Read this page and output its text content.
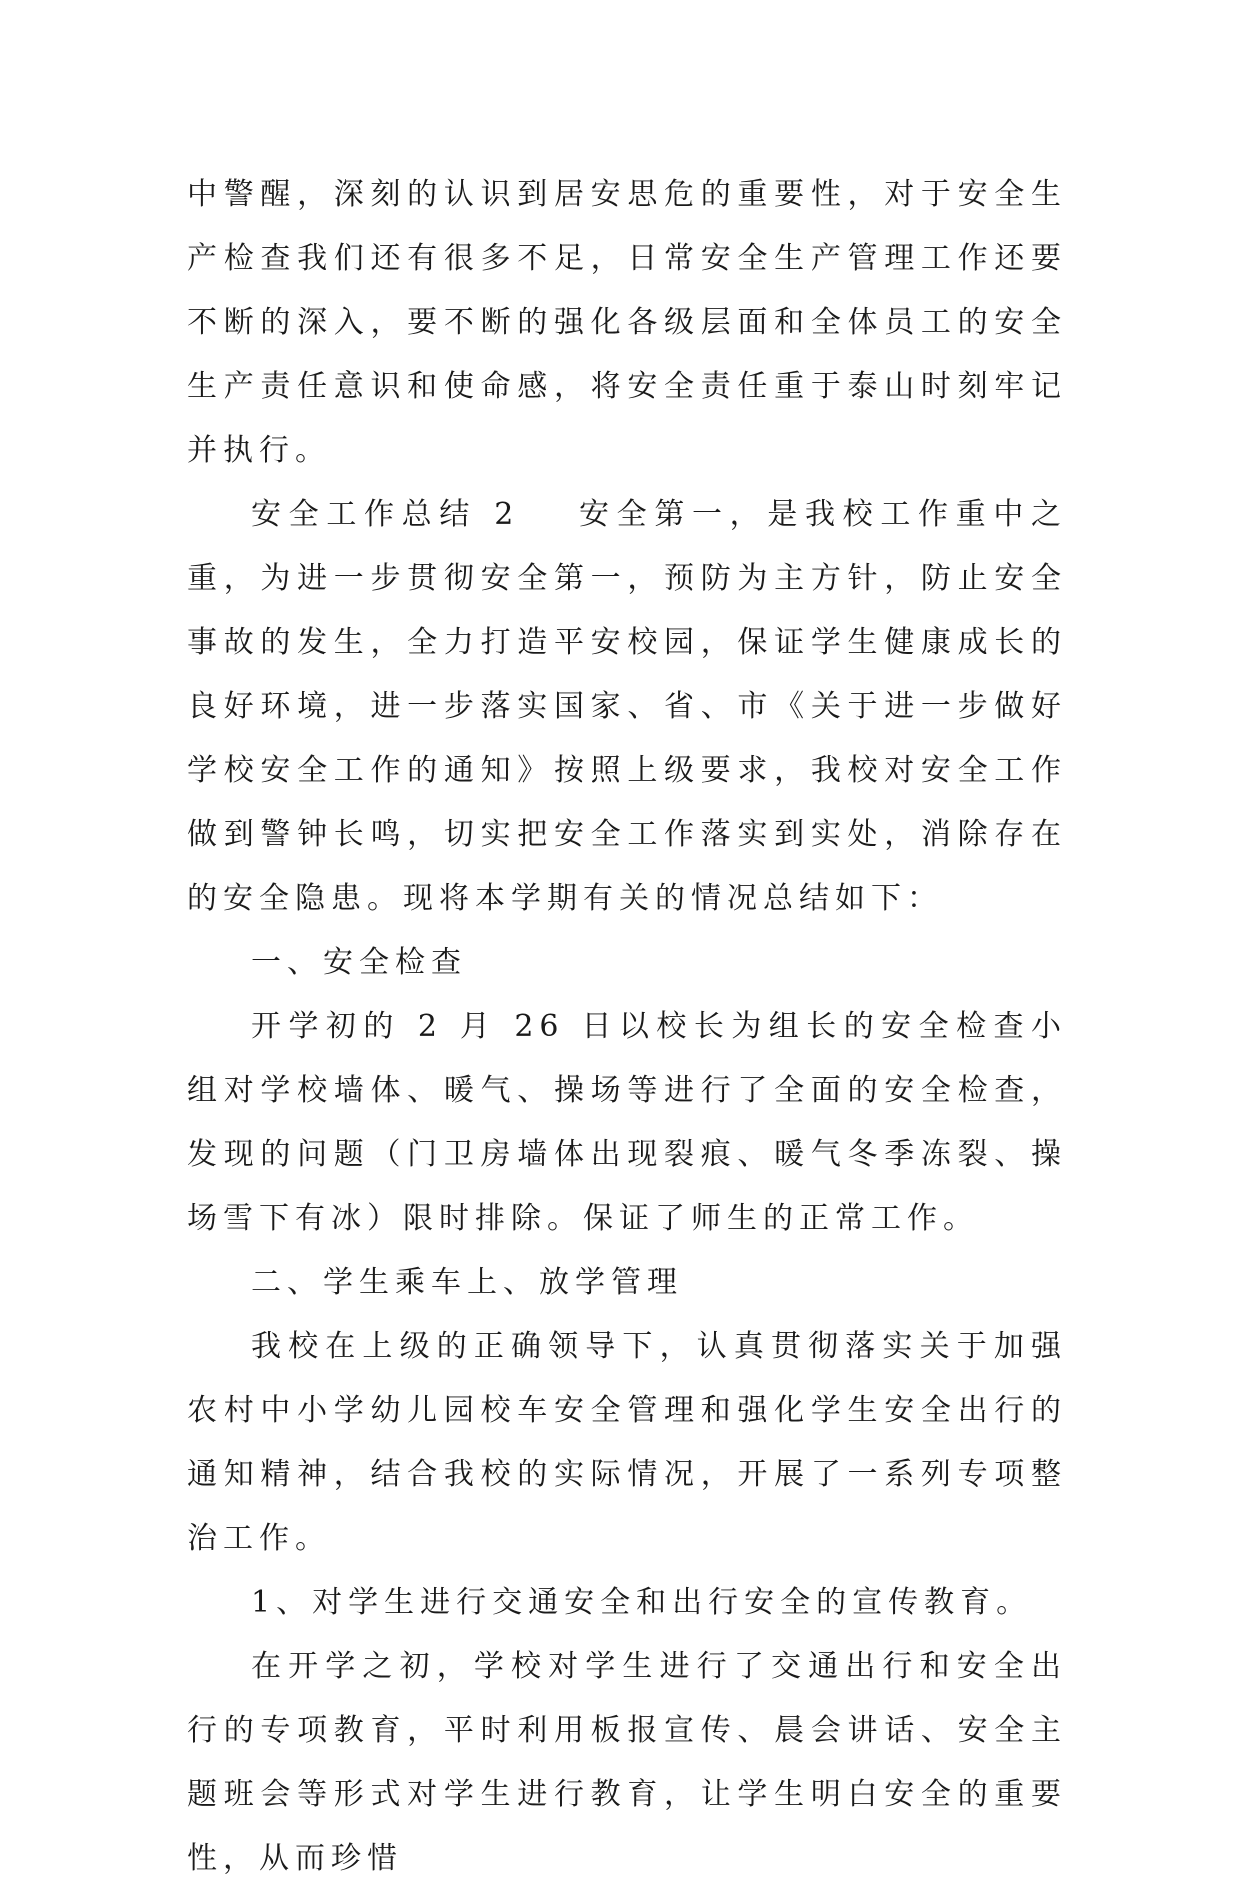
中警醒，深刻的认识到居安思危的重要性，对于安全生产检查我们还有很多不足，日常安全生产管理工作还要不断的深入，要不断的强化各级层面和全体员工的安全生产责任意识和使命感，将安全责任重于泰山时刻牢记并执行。

安全工作总结 2 安全第一，是我校工作重中之重，为进一步贯彻安全第一，预防为主方针，防止安全事故的发生，全力打造平安校园，保证学生健康成长的良好环境，进一步落实国家、省、市《关于进一步做好学校安全工作的通知》按照上级要求，我校对安全工作做到警钟长鸣，切实把安全工作落实到实处，消除存在的安全隐患。现将本学期有关的情况总结如下：

一、安全检查

开学初的 2 月 26 日以校长为组长的安全检查小组对学校墙体、暖气、操场等进行了全面的安全检查，发现的问题（门卫房墙体出现裂痕、暖气冬季冻裂、操场雪下有冰）限时排除。保证了师生的正常工作。

二、学生乘车上、放学管理

我校在上级的正确领导下，认真贯彻落实关于加强农村中小学幼儿园校车安全管理和强化学生安全出行的通知精神，结合我校的实际情况，开展了一系列专项整治工作。

1、对学生进行交通安全和出行安全的宣传教育。

在开学之初，学校对学生进行了交通出行和安全出行的专项教育，平时利用板报宣传、晨会讲话、安全主题班会等形式对学生进行教育，让学生明白安全的重要性，从而珍惜
